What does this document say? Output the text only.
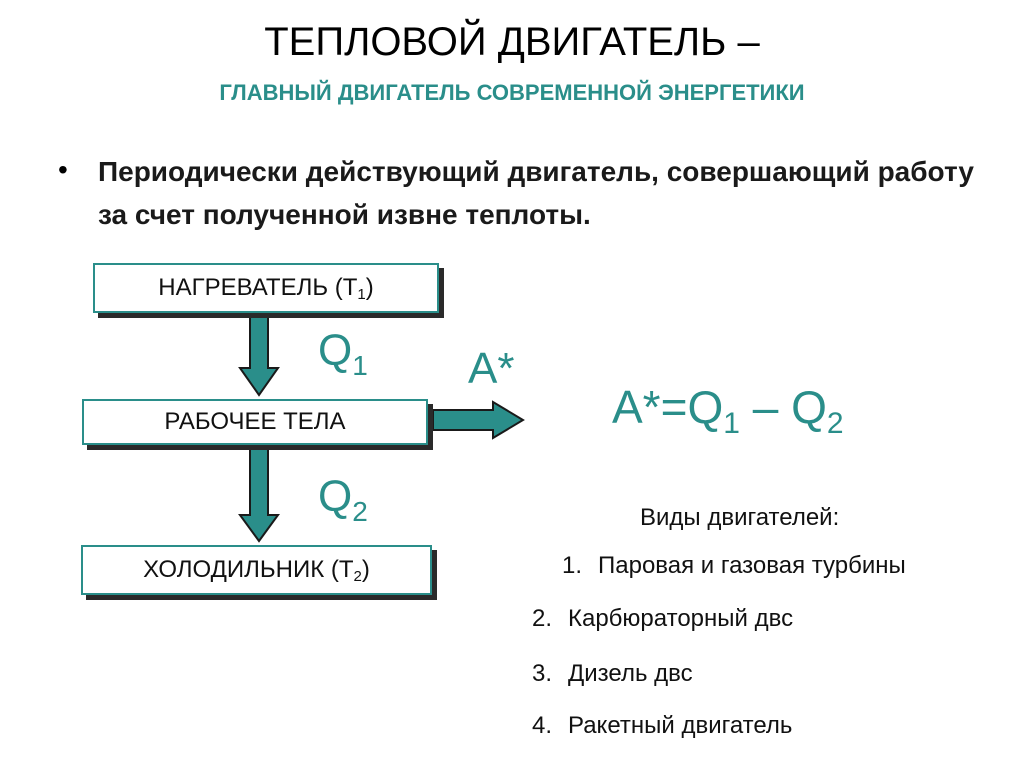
ТЕПЛОВОЙ ДВИГАТЕЛЬ –
ГЛАВНЫЙ ДВИГАТЕЛЬ СОВРЕМЕННОЙ ЭНЕРГЕТИКИ
• Периодически действующий двигатель, совершающий работу за счет полученной извне теплоты.
НАГРЕВАТЕЛЬ (Т 1 )
РАБОЧЕЕ ТЕЛА
ХОЛОДИЛЬНИК (Т 2 )
$Q_1$
$Q_2$
А*
$А*=Q_1 - Q_2$
Виды двигателей:
1. Паровая и газовая турбины
2. Карбюраторный двс
3. Дизель двс
4. Ракетный двигатель
